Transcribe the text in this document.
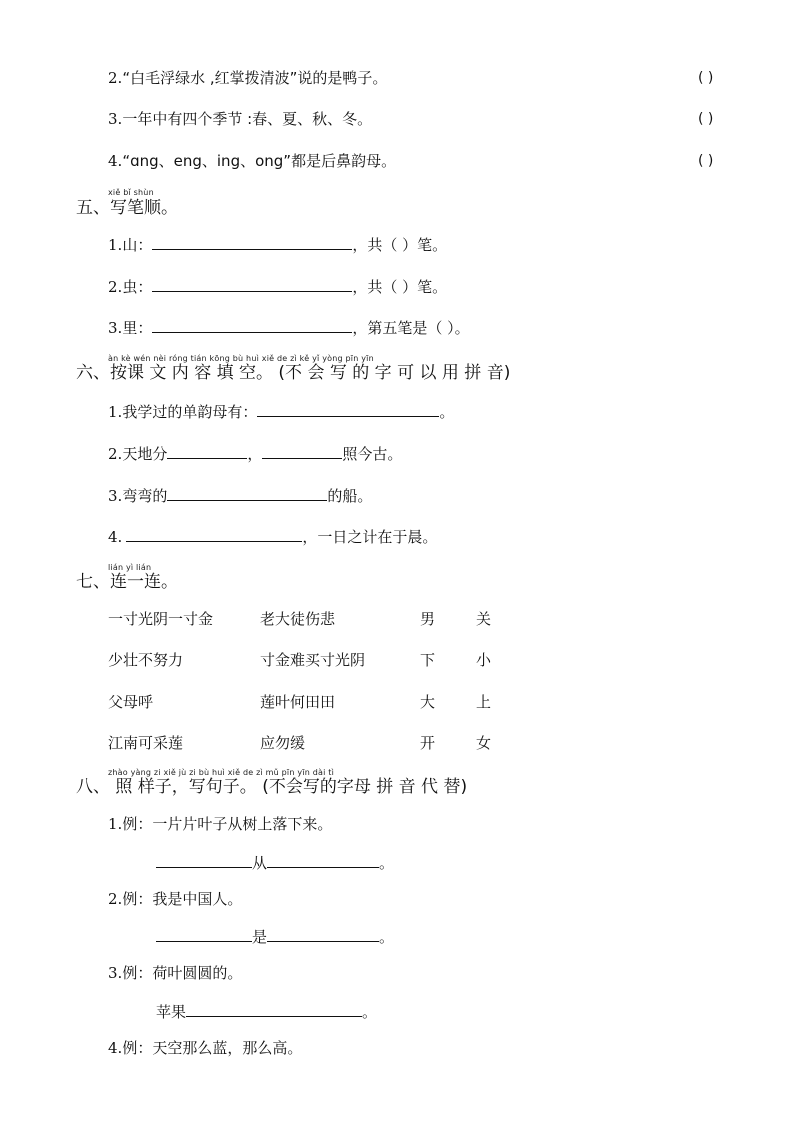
2.“白毛浮绿水 ,红掌拨清波”说的是鸭子。	( )
3.一年中有四个季节 :春、夏、秋、冬。	( )
4.“ɑng、eng、ing、ong”都是后鼻韵母。	( )
xiě bǐ shùn
五、写笔顺。
1.山：	，共（ ）笔。
2.虫：	，共（ ）笔。
3.里：	，第五笔是（ ）。
àn kè wén nèi róng tián kōng bù huì xiě de zì kě yǐ yòng pīn yīn
六、按课 文 内 容 填 空。 (不 会 写 的 字 可 以 用 拼 音)
1.我学过的单韵母有：	。
2.天地分	，	照今古。
3.弯弯的	的船。
4.	，一日之计在于晨。
lián yì lián
七、连一连。
一寸光阴一寸金	老大徒伤悲	男	关
少壮不努力	寸金难买寸光阴	下	小
父母呼	莲叶何田田	大	上
江南可采莲	应勿缓	开	女
zhào yàng zi xiě jù zi bù huì xiě de zì mǔ pīn yīn dài tì
八、 照 样子，写句子。 (不会写的字母 拼 音 代 替)
1.例：一片片叶子从树上落下来。
从	。
2.例：我是中国人。
是	。
3.例：荷叶圆圆的。
苹果	。
4.例：天空那么蓝，那么高。
